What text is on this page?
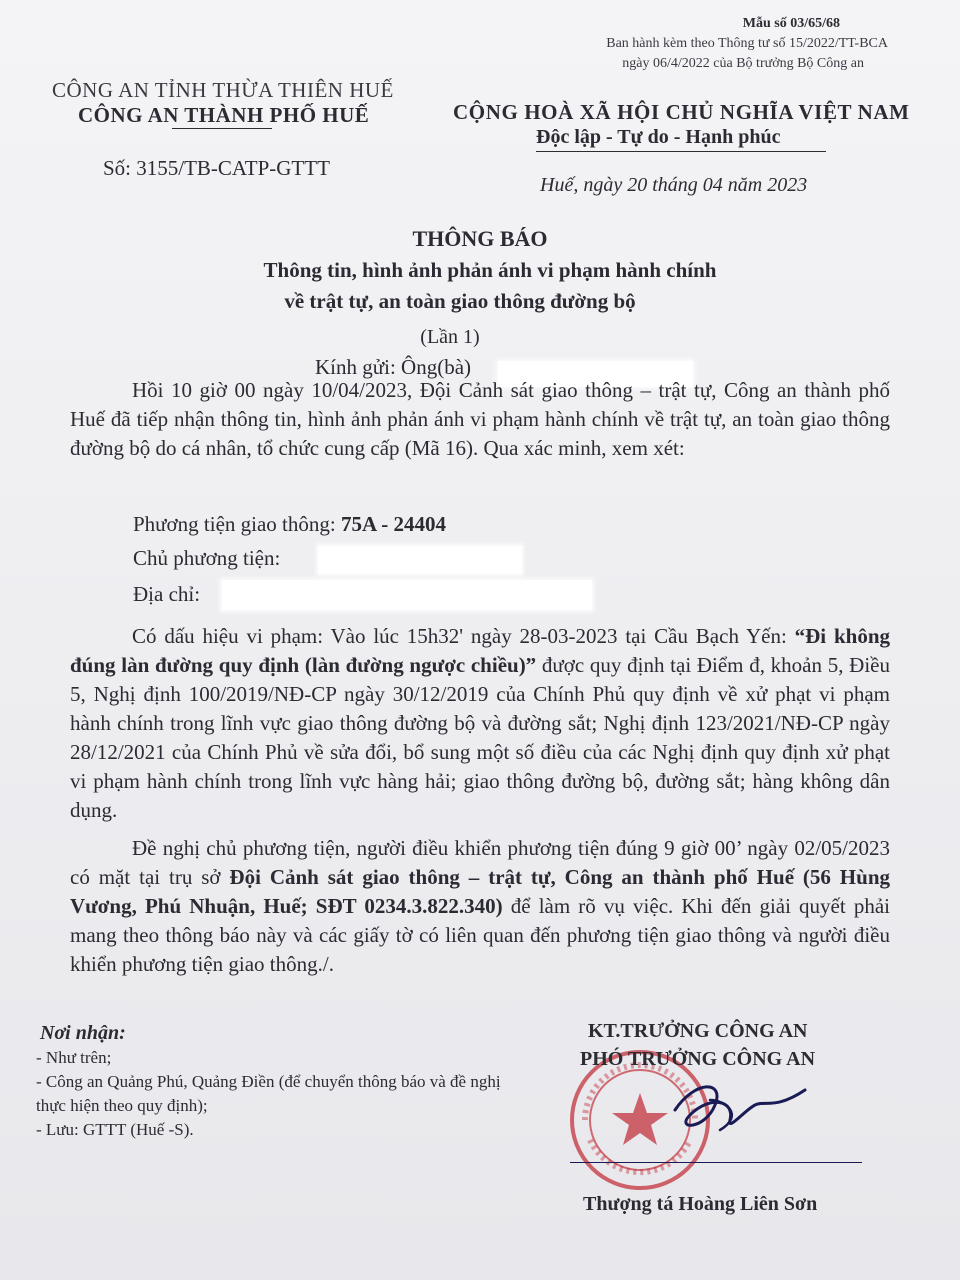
Mẫu số 03/65/68
Ban hành kèm theo Thông tư số 15/2022/TT-BCA
ngày 06/4/2022 của Bộ trưởng Bộ Công an
CÔNG AN TỈNH THỪA THIÊN HUẾ
CÔNG AN THÀNH PHỐ HUẾ
Số: 3155/TB-CATP-GTTT
CỘNG HOÀ XÃ HỘI CHỦ NGHĨA VIỆT NAM
Độc lập - Tự do - Hạnh phúc
Huế, ngày 20 tháng 04 năm 2023
THÔNG BÁO
Thông tin, hình ảnh phản ánh vi phạm hành chính
về trật tự, an toàn giao thông đường bộ
(Lần 1)
Kính gửi: Ông(bà)

Hồi 10 giờ 00 ngày 10/04/2023, Đội Cảnh sát giao thông – trật tự, Công an thành phố Huế đã tiếp nhận thông tin, hình ảnh phản ánh vi phạm hành chính về trật tự, an toàn giao thông đường bộ do cá nhân, tổ chức cung cấp (Mã 16). Qua xác minh, xem xét:

Phương tiện giao thông: 75A - 24404
Chủ phương tiện:
Địa chỉ:

Có dấu hiệu vi phạm: Vào lúc 15h32' ngày 28-03-2023 tại Cầu Bạch Yến: “Đi không đúng làn đường quy định (làn đường ngược chiều)” được quy định tại Điểm đ, khoản 5, Điều 5, Nghị định 100/2019/NĐ-CP ngày 30/12/2019 của Chính Phủ quy định về xử phạt vi phạm hành chính trong lĩnh vực giao thông đường bộ và đường sắt; Nghị định 123/2021/NĐ-CP ngày 28/12/2021 của Chính Phủ về sửa đổi, bổ sung một số điều của các Nghị định quy định xử phạt vi phạm hành chính trong lĩnh vực hàng hải; giao thông đường bộ, đường sắt; hàng không dân dụng.

Đề nghị chủ phương tiện, người điều khiển phương tiện đúng 9 giờ 00’ ngày 02/05/2023 có mặt tại trụ sở Đội Cảnh sát giao thông – trật tự, Công an thành phố Huế (56 Hùng Vương, Phú Nhuận, Huế; SĐT 0234.3.822.340) để làm rõ vụ việc. Khi đến giải quyết phải mang theo thông báo này và các giấy tờ có liên quan đến phương tiện giao thông và người điều khiển phương tiện giao thông./.

Nơi nhận:

- Như trên;

- Công an Quảng Phú, Quảng Điền (để chuyển thông báo và đề nghị thực hiện theo quy định);

- Lưu: GTTT (Huế -S).

KT.TRƯỞNG CÔNG AN
PHÓ TRƯỞNG CÔNG AN
Thượng tá Hoàng Liên Sơn
